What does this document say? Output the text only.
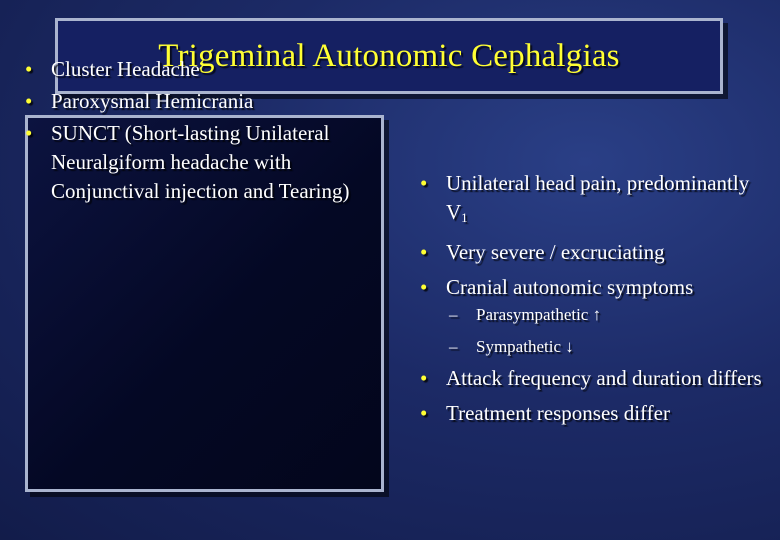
Trigeminal Autonomic Cephalgias
• Cluster Headache
• Paroxysmal Hemicrania
• SUNCT (Short-lasting Unilateral Neuralgiform headache with Conjunctival injection and Tearing)	• Unilateral head pain, predominantly $V_1$
• Very severe / excruciating
• Cranial autonomic symptoms
– Parasympathetic ↑
– Sympathetic ↓
• Attack frequency and duration differs
• Treatment responses differ
